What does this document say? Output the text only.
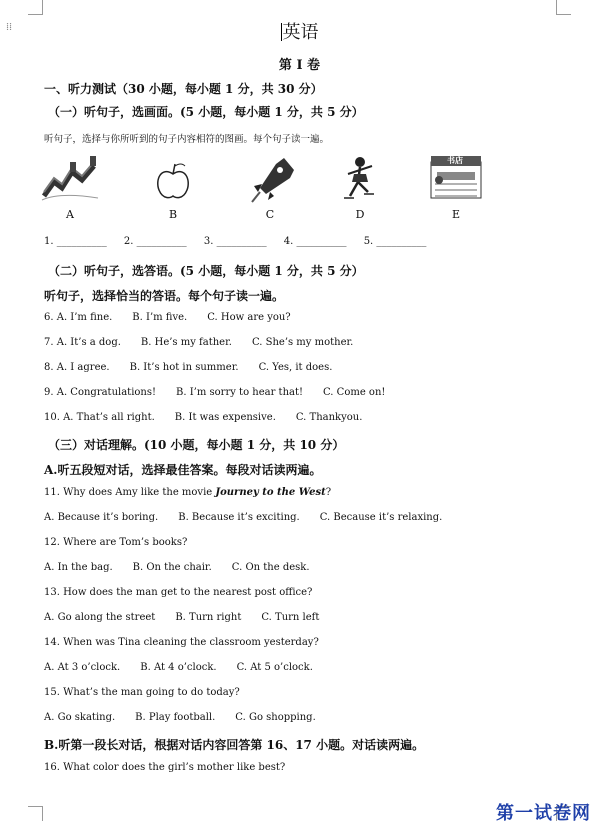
⁞⁞	英语
第 I 卷
一、听力测试（30 小题，每小题 1 分，共 30 分）
（一）听句子，选画面。(5 小题，每小题 1 分，共 5 分）
听句子，选择与你所听到的句子内容相符的图画。每个句子读一遍。
A	B	C	D
书店
E
1. __________ 2. __________ 3. __________ 4. __________ 5. __________
（二）听句子，选答语。(5 小题，每小题 1 分，共 5 分）
听句子，选择恰当的答语。每个句子读一遍。
6. A. I’m fine. B. I’m five. C. How are you?
7. A. It’s a dog. B. He’s my father. C. She’s my mother.
8. A. I agree. B. It’s hot in summer. C. Yes, it does.
9. A. Congratulations! B. I’m sorry to hear that! C. Come on!
10. A. That’s all right. B. It was expensive. C. Thankyou.
（三）对话理解。(10 小题，每小题 1 分，共 10 分）
A.听五段短对话，选择最佳答案。每段对话读两遍。
11. Why does Amy like the movie Journey to the West?
A. Because it’s boring. B. Because it’s exciting. C. Because it’s relaxing.
12. Where are Tom’s books?
A. In the bag. B. On the chair. C. On the desk.
13. How does the man get to the nearest post office?
A. Go along the street B. Turn right C. Turn left
14. When was Tina cleaning the classroom yesterday?
A. At 3 o’clock. B. At 4 o’clock. C. At 5 o’clock.
15. What’s the man going to do today?
A. Go skating. B. Play football. C. Go shopping.
B.听第一段长对话，根据对话内容回答第 16、17 小题。对话读两遍。
16. What color does the girl’s mother like best?
第一试卷网
